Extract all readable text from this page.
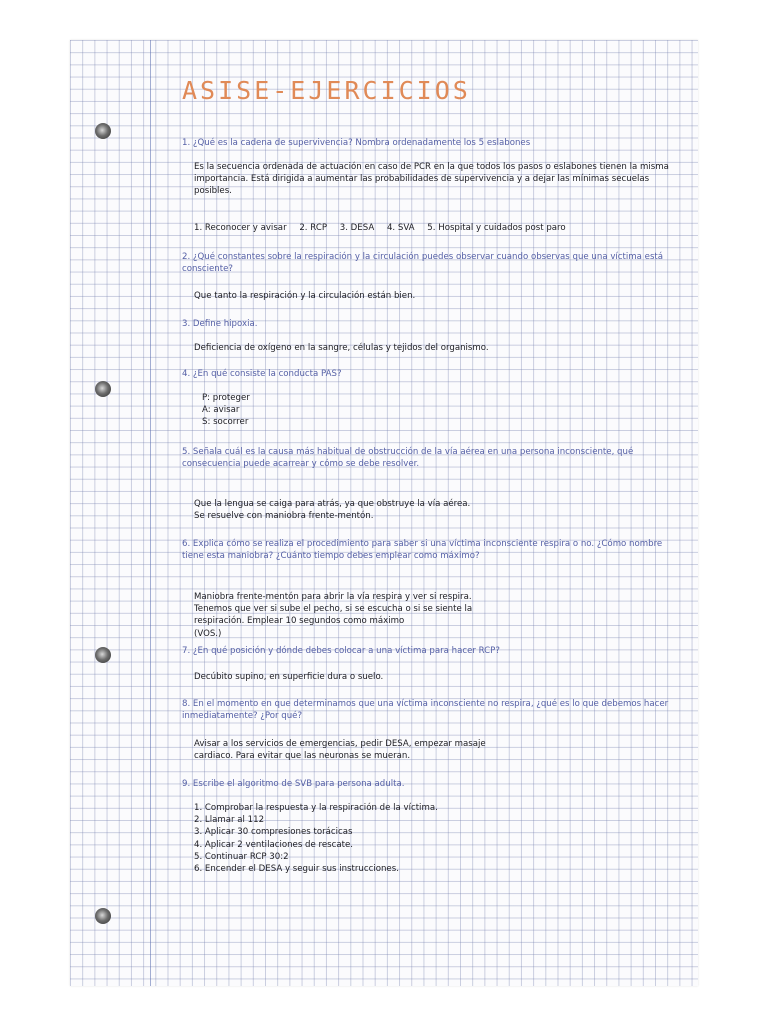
ASISE-EJERCICIOS

1. ¿Qué es la cadena de supervivencia? Nombra ordenadamente los 5 eslabones

Es la secuencia ordenada de actuación en caso de PCR en la que todos los pasos o eslabones tienen la misma importancia. Está dirigida a aumentar las probabilidades de supervivencia y a dejar las mínimas secuelas posibles.

1. Reconocer y avisar 2. RCP 3. DESA 4. SVA 5. Hospital y cuidados post paro

2. ¿Qué constantes sobre la respiración y la circulación puedes observar cuando observas que una víctima está consciente?

Que tanto la respiración y la circulación están bien.

3. Define hipoxia.

Deficiencia de oxígeno en la sangre, células y tejidos del organismo.

4. ¿En qué consiste la conducta PAS?

P: proteger
A: avisar
S: socorrer

5. Señala cuál es la causa más habitual de obstrucción de la vía aérea en una persona inconsciente, qué consecuencia puede acarrear y cómo se debe resolver.

Que la lengua se caiga para atrás, ya que obstruye la vía aérea.

Se resuelve con maniobra frente-mentón.

6. Explica cómo se realiza el procedimiento para saber si una víctima inconsciente respira o no. ¿Cómo nombre tiene esta maniobra? ¿Cuánto tiempo debes emplear como máximo?

Maniobra frente-mentón para abrir la vía respira y ver si respira.

Tenemos que ver si sube el pecho, si se escucha o si se siente la

respiración. Emplear 10 segundos como máximo

(VOS.)

7. ¿En qué posición y dónde debes colocar a una víctima para hacer RCP?

Decúbito supino, en superficie dura o suelo.

8. En el momento en que determinamos que una víctima inconsciente no respira, ¿qué es lo que debemos hacer inmediatamente? ¿Por qué?

Avisar a los servicios de emergencias, pedir DESA, empezar masaje

cardiaco. Para evitar que las neuronas se mueran.

9. Escribe el algoritmo de SVB para persona adulta.

1. Comprobar la respuesta y la respiración de la víctima.
2. Llamar al 112
3. Aplicar 30 compresiones torácicas
4. Aplicar 2 ventilaciones de rescate.
5. Continuar RCP 30:2
6. Encender el DESA y seguir sus instrucciones.
